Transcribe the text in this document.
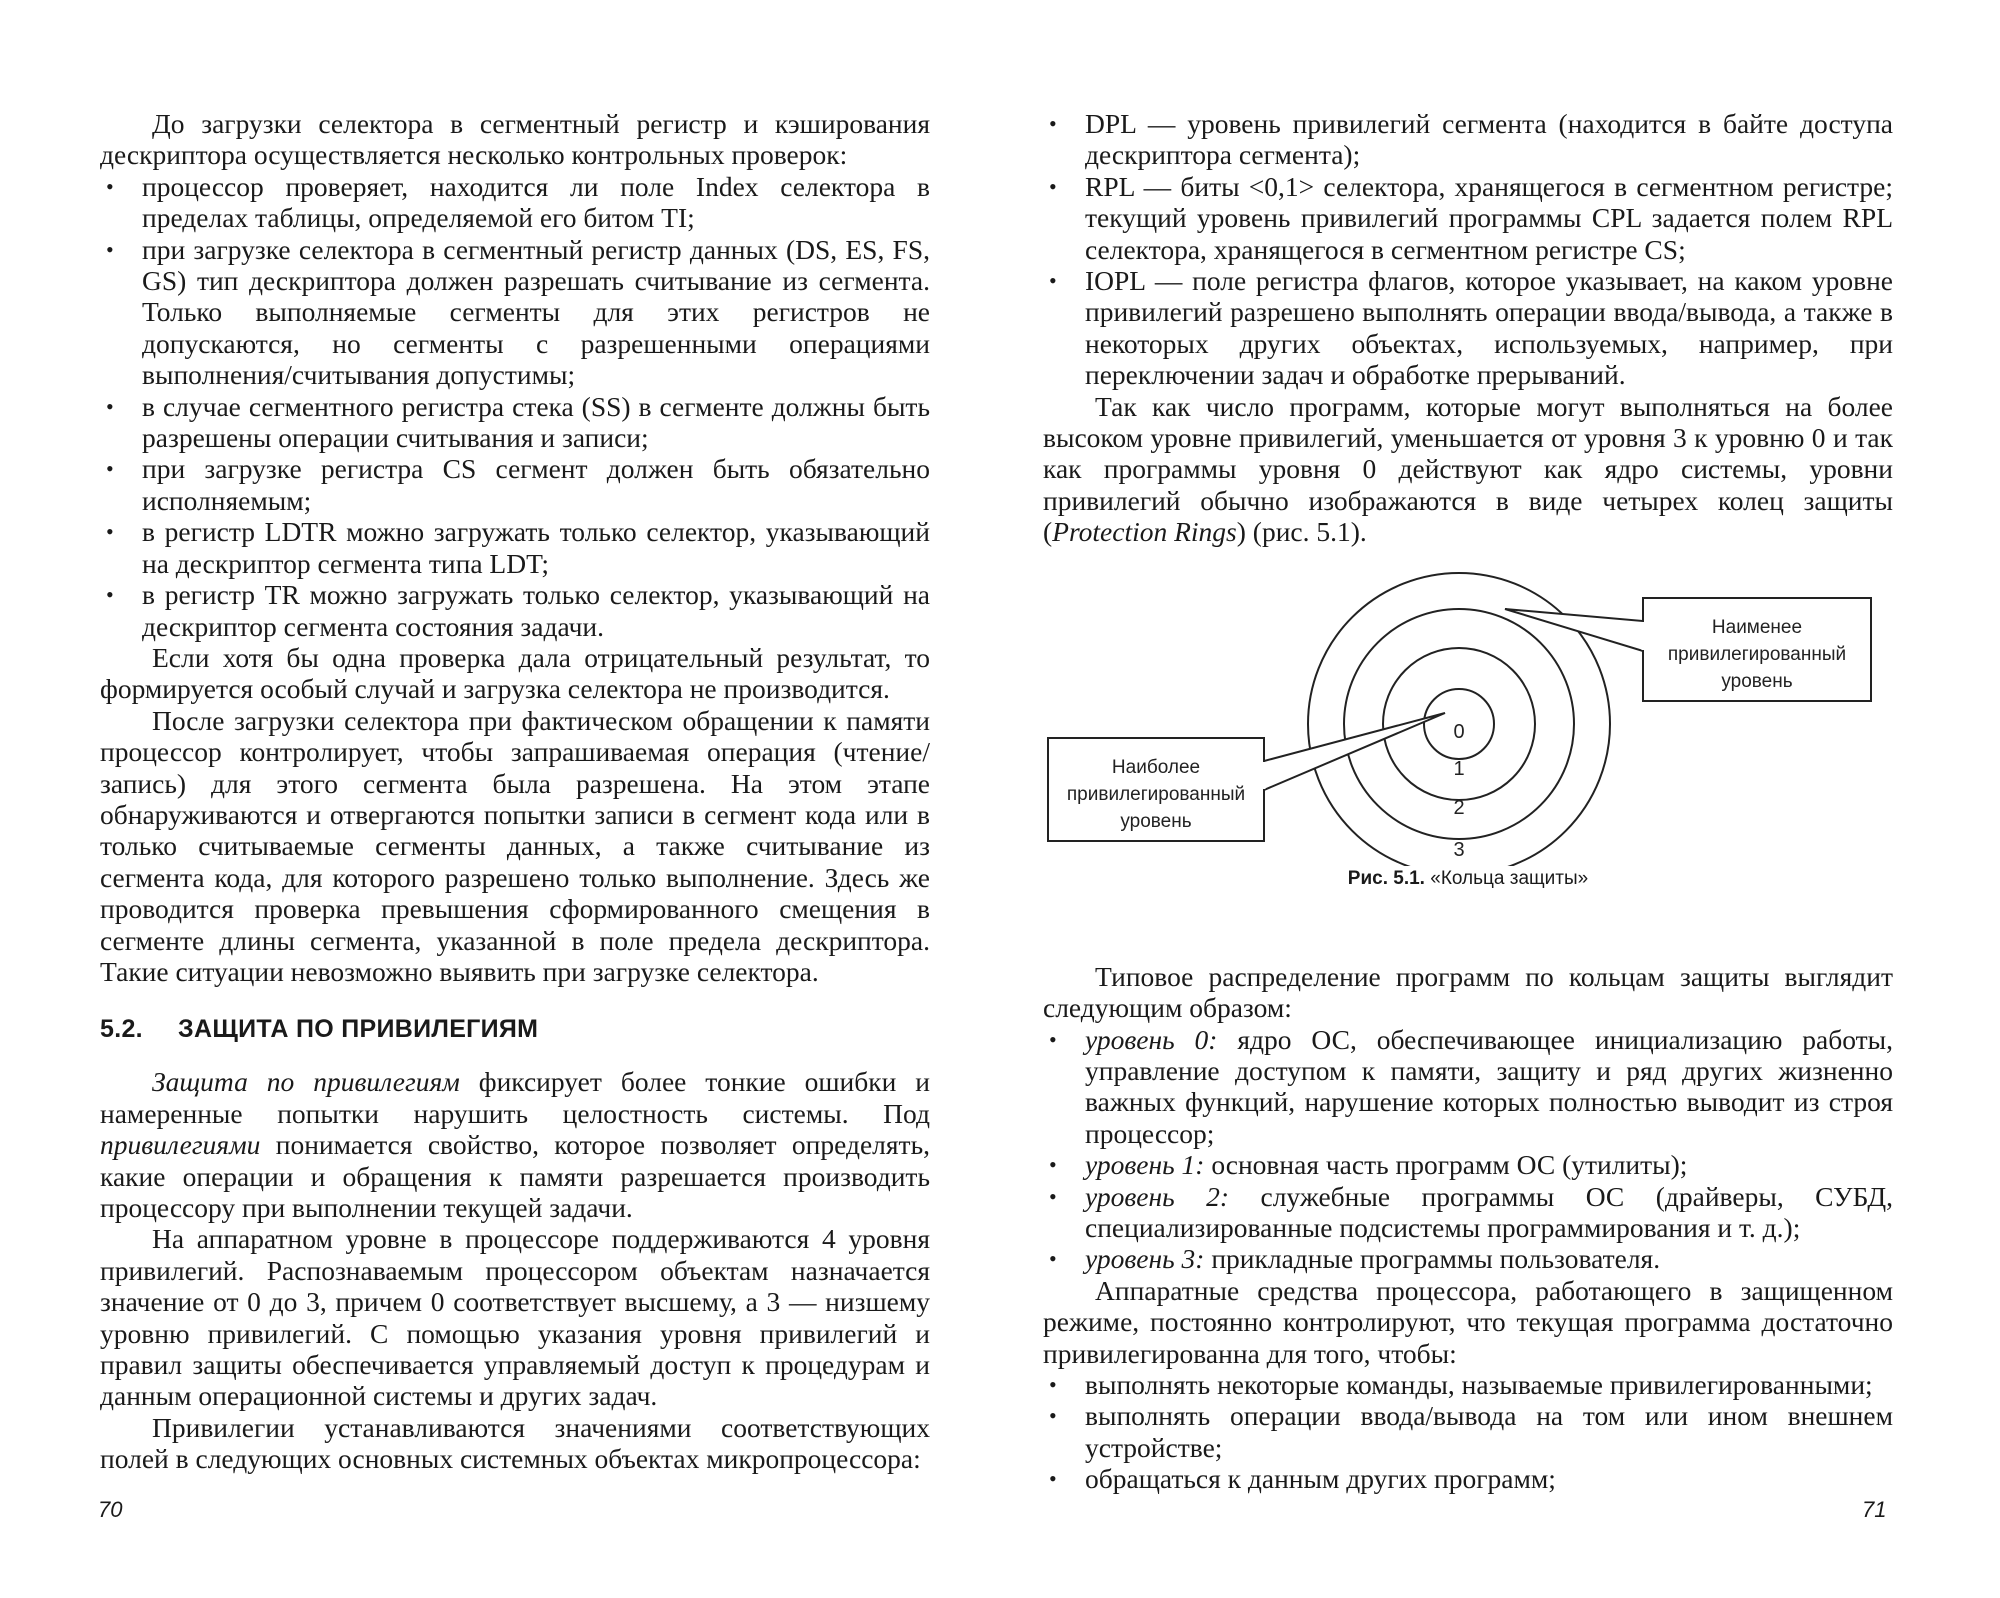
До загрузки селектора в сегментный регистр и кэширования дескриптора осуществляется несколько контрольных проверок:

• процессор проверяет, находится ли поле Index селектора в пределах таблицы, определяемой его битом TI;
• при загрузке селектора в сегментный регистр данных (DS, ES, FS, GS) тип дескриптора должен разрешать считывание из сегмента. Только выполняемые сегменты для этих регистров не допускаются, но сегменты с разрешенными операциями выполнения/считывания допустимы;
• в случае сегментного регистра стека (SS) в сегменте должны быть разрешены операции считывания и записи;
• при загрузке регистра CS сегмент должен быть обязательно исполняемым;
• в регистр LDTR можно загружать только селектор, указывающий на дескриптор сегмента типа LDT;
• в регистр TR можно загружать только селектор, указывающий на дескриптор сегмента состояния задачи.

Если хотя бы одна проверка дала отрицательный результат, то формируется особый случай и загрузка селектора не производится.

После загрузки селектора при фактическом обращении к памяти процессор контролирует, чтобы запрашиваемая операция (чтение/запись) для этого сегмента была разрешена. На этом этапе обнаруживаются и отвергаются попытки записи в сегмент кода или в только считываемые сегменты данных, а также считывание из сегмента кода, для которого разрешено только выполнение. Здесь же проводится проверка превышения сформированного смещения в сегменте длины сегмента, указанной в поле предела дескриптора. Такие ситуации невозможно выявить при загрузке селектора.

5.2. ЗАЩИТА ПО ПРИВИЛЕГИЯМ

Защита по привилегиям фиксирует более тонкие ошибки и намеренные попытки нарушить целостность системы. Под привилегиями понимается свойство, которое позволяет определять, какие операции и обращения к памяти разрешается производить процессору при выполнении текущей задачи.

На аппаратном уровне в процессоре поддерживаются 4 уровня привилегий. Распознаваемым процессором объектам назначается значение от 0 до 3, причем 0 соответствует высшему, а 3 — низшему уровню привилегий. С помощью указания уровня привилегий и правил защиты обеспечивается управляемый доступ к процедурам и данным операционной системы и других задач.

Привилегии устанавливаются значениями соответствующих полей в следующих основных системных объектах микропроцессора:

70
• DPL — уровень привилегий сегмента (находится в байте доступа дескриптора сегмента);
• RPL — биты <0,1> селектора, хранящегося в сегментном регистре; текущий уровень привилегий программы CPL задается полем RPL селектора, хранящегося в сегментном регистре CS;
• IOPL — поле регистра флагов, которое указывает, на каком уровне привилегий разрешено выполнять операции ввода/вывода, а также в некоторых других объектах, используемых, например, при переключении задач и обработке прерываний.

Так как число программ, которые могут выполняться на более высоком уровне привилегий, уменьшается от уровня 3 к уровню 0 и так как программы уровня 0 действуют как ядро системы, уровни привилегий обычно изображаются в виде четырех колец защиты (Protection Rings) (рис. 5.1).

0
1
2
3
Наименее
привилегированный
уровень
Наиболее
привилегированный
уровень
Рис. 5.1. «Кольца защиты»

Типовое распределение программ по кольцам защиты выглядит следующим образом:

• уровень 0: ядро ОС, обеспечивающее инициализацию работы, управление доступом к памяти, защиту и ряд других жизненно важных функций, нарушение которых полностью выводит из строя процессор;
• уровень 1: основная часть программ ОС (утилиты);
• уровень 2: служебные программы ОС (драйверы, СУБД, специализированные подсистемы программирования и т. д.);
• уровень 3: прикладные программы пользователя.

Аппаратные средства процессора, работающего в защищенном режиме, постоянно контролируют, что текущая программа достаточно привилегированна для того, чтобы:

• выполнять некоторые команды, называемые привилегированными;
• выполнять операции ввода/вывода на том или ином внешнем устройстве;
• обращаться к данным других программ;
71
